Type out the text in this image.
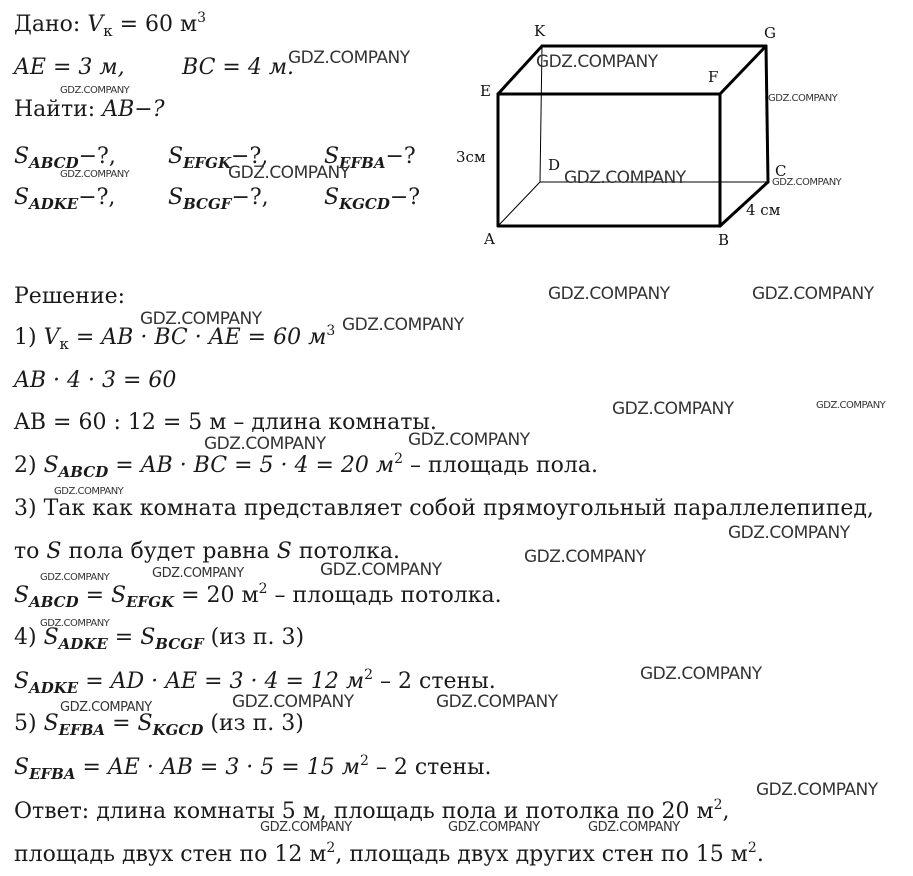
Дано: $V_к = 60$ $м^3$
AE = 3 м,	BC = 4 м.
Найти: AB−?
$S_{ABCD}-$?, $S_{EFGK}-$?,	$S_{EFBA}-$?
$S_{ADKE}-$?, $S_{BCGF}-$?,	$S_{KGCD}-$?
A	B
C
D
E
F
G
K
3см
4 см
Решение:
1) $V_к$ = AB · BC · AE = 60 $м^3$
AB · 4 · 3 = 60
AB = 60 : 12 = 5 м – длина комнаты.
2) $S_{ABCD}$ = AB · BC = 5 · 4 = 20 $м^2$ – площадь пола.
3) Так как комната представляет собой прямоугольный параллелепипед,
то S пола будет равна S потолка.
$S_{ABCD} = S_{EFGK} = 20$ $м^2$ – площадь потолка.
4) $S_{ADKE} = S_{BCGF}$ (из п. 3)
$S_{ADKE}$ = AD · AE = 3 · 4 = 12 $м^2 - 2$ стены.
5) $S_{EFBA} = S_{KGCD}$ (из п. 3)
$S_{EFBA}$ = AE · AB = 3 · 5 = 15 $м^2 - 2$ стены.
Ответ: длина комнаты 5 м, площадь пола и потолка по 20 $м^2$,
площадь двух стен по 12 $м^2$, площадь двух других стен по 15 $м^2$.
GDZ.COMPANY	GDZ.COMPANY
GDZ.COMPANY
GDZ.COMPANY
GDZ.COMPANY	GDZ.COMPANY	GDZ.COMPANY	GDZ.COMPANY
GDZ.COMPANY	GDZ.COMPANY
GDZ.COMPANY	GDZ.COMPANY
GDZ.COMPANY	GDZ.COMPANY
GDZ.COMPANY	GDZ.COMPANY
GDZ.COMPANY
GDZ.COMPANY
GDZ.COMPANY
GDZ.COMPANY
GDZ.COMPANY	GDZ.COMPANY
GDZ.COMPANY
GDZ.COMPANY
GDZ.COMPANY	GDZ.COMPANY
GDZ.COMPANY
GDZ.COMPANY
GDZ.COMPANY	GDZ.COMPANY	GDZ.COMPANY
